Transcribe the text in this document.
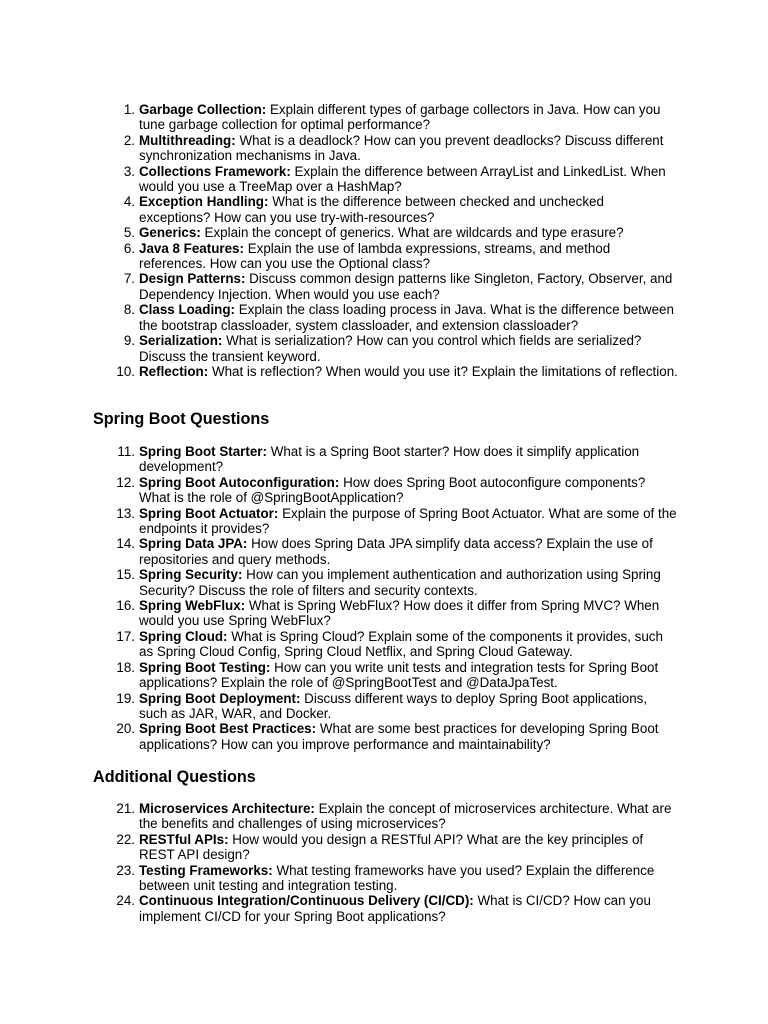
1. Garbage Collection: Explain different types of garbage collectors in Java. How can you tune garbage collection for optimal performance?
2. Multithreading: What is a deadlock? How can you prevent deadlocks? Discuss different synchronization mechanisms in Java.
3. Collections Framework: Explain the difference between ArrayList and LinkedList. When would you use a TreeMap over a HashMap?
4. Exception Handling: What is the difference between checked and unchecked exceptions? How can you use try-with-resources?
5. Generics: Explain the concept of generics. What are wildcards and type erasure?
6. Java 8 Features: Explain the use of lambda expressions, streams, and method references. How can you use the Optional class?
7. Design Patterns: Discuss common design patterns like Singleton, Factory, Observer, and Dependency Injection. When would you use each?
8. Class Loading: Explain the class loading process in Java. What is the difference between the bootstrap classloader, system classloader, and extension classloader?
9. Serialization: What is serialization? How can you control which fields are serialized? Discuss the transient keyword.
10. Reflection: What is reflection? When would you use it? Explain the limitations of reflection.
Spring Boot Questions
11. Spring Boot Starter: What is a Spring Boot starter? How does it simplify application development?
12. Spring Boot Autoconfiguration: How does Spring Boot autoconfigure components? What is the role of @SpringBootApplication?
13. Spring Boot Actuator: Explain the purpose of Spring Boot Actuator. What are some of the endpoints it provides?
14. Spring Data JPA: How does Spring Data JPA simplify data access? Explain the use of repositories and query methods.
15. Spring Security: How can you implement authentication and authorization using Spring Security? Discuss the role of filters and security contexts.
16. Spring WebFlux: What is Spring WebFlux? How does it differ from Spring MVC? When would you use Spring WebFlux?
17. Spring Cloud: What is Spring Cloud? Explain some of the components it provides, such as Spring Cloud Config, Spring Cloud Netflix, and Spring Cloud Gateway.
18. Spring Boot Testing: How can you write unit tests and integration tests for Spring Boot applications? Explain the role of @SpringBootTest and @DataJpaTest.
19. Spring Boot Deployment: Discuss different ways to deploy Spring Boot applications, such as JAR, WAR, and Docker.
20. Spring Boot Best Practices: What are some best practices for developing Spring Boot applications? How can you improve performance and maintainability?
Additional Questions
21. Microservices Architecture: Explain the concept of microservices architecture. What are the benefits and challenges of using microservices?
22. RESTful APIs: How would you design a RESTful API? What are the key principles of REST API design?
23. Testing Frameworks: What testing frameworks have you used? Explain the difference between unit testing and integration testing.
24. Continuous Integration/Continuous Delivery (CI/CD): What is CI/CD? How can you implement CI/CD for your Spring Boot applications?
